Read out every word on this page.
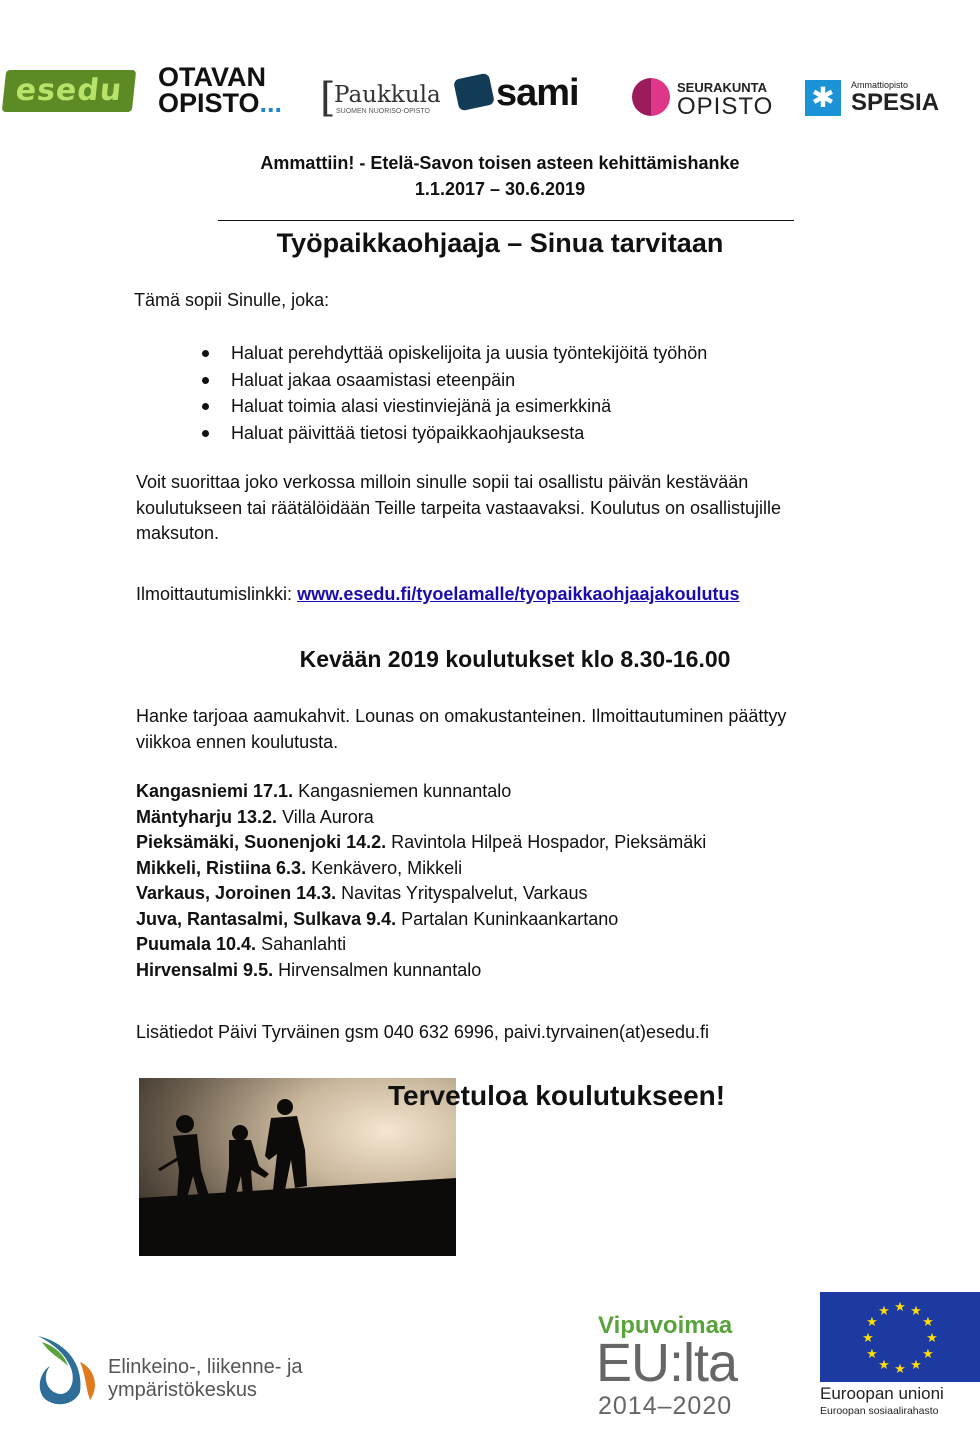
esedu	OTAVAN
OPISTO... [
Paukkula
SUOMEN NUORISO-OPISTO sami	SEURAKUNTA
OPISTO ✱	Ammattiopisto
SPESIA
Ammattiin! - Etelä-Savon toisen asteen kehittämishanke
1.1.2017 – 30.6.2019
Työpaikkaohjaaja – Sinua tarvitaan
Tämä sopii Sinulle, joka:
Haluat perehdyttää opiskelijoita ja uusia työntekijöitä työhön
Haluat jakaa osaamistasi eteenpäin
Haluat toimia alasi viestinviejänä ja esimerkkinä
Haluat päivittää tietosi työpaikkaohjauksesta
Voit suorittaa joko verkossa milloin sinulle sopii tai osallistu päivän kestävään
koulutukseen tai räätälöidään Teille tarpeita vastaavaksi. Koulutus on osallistujille
maksuton.
Ilmoittautumislinkki: www.esedu.fi/tyoelamalle/tyopaikkaohjaajakoulutus
Kevään 2019 koulutukset klo 8.30-16.00
Hanke tarjoaa aamukahvit. Lounas on omakustanteinen. Ilmoittautuminen päättyy
viikkoa ennen koulutusta.
Kangasniemi 17.1. Kangasniemen kunnantalo
Mäntyharju 13.2. Villa Aurora
Pieksämäki, Suonenjoki 14.2. Ravintola Hilpeä Hospador, Pieksämäki
Mikkeli, Ristiina 6.3. Kenkävero, Mikkeli
Varkaus, Joroinen 14.3. Navitas Yrityspalvelut, Varkaus
Juva, Rantasalmi, Sulkava 9.4. Partalan Kuninkaankartano
Puumala 10.4. Sahanlahti
Hirvensalmi 9.5. Hirvensalmen kunnantalo
Lisätiedot Päivi Tyrväinen gsm 040 632 6996, paivi.tyrvainen(at)esedu.fi
Tervetuloa koulutukseen!
Elinkeino-, liikenne- ja
ympäristökeskus
Vipuvoimaa
EU:lta
2014–2020
★ ★
★
★
★
★
★
★
★
★
★
★
Euroopan unioni
Euroopan sosiaalirahasto
